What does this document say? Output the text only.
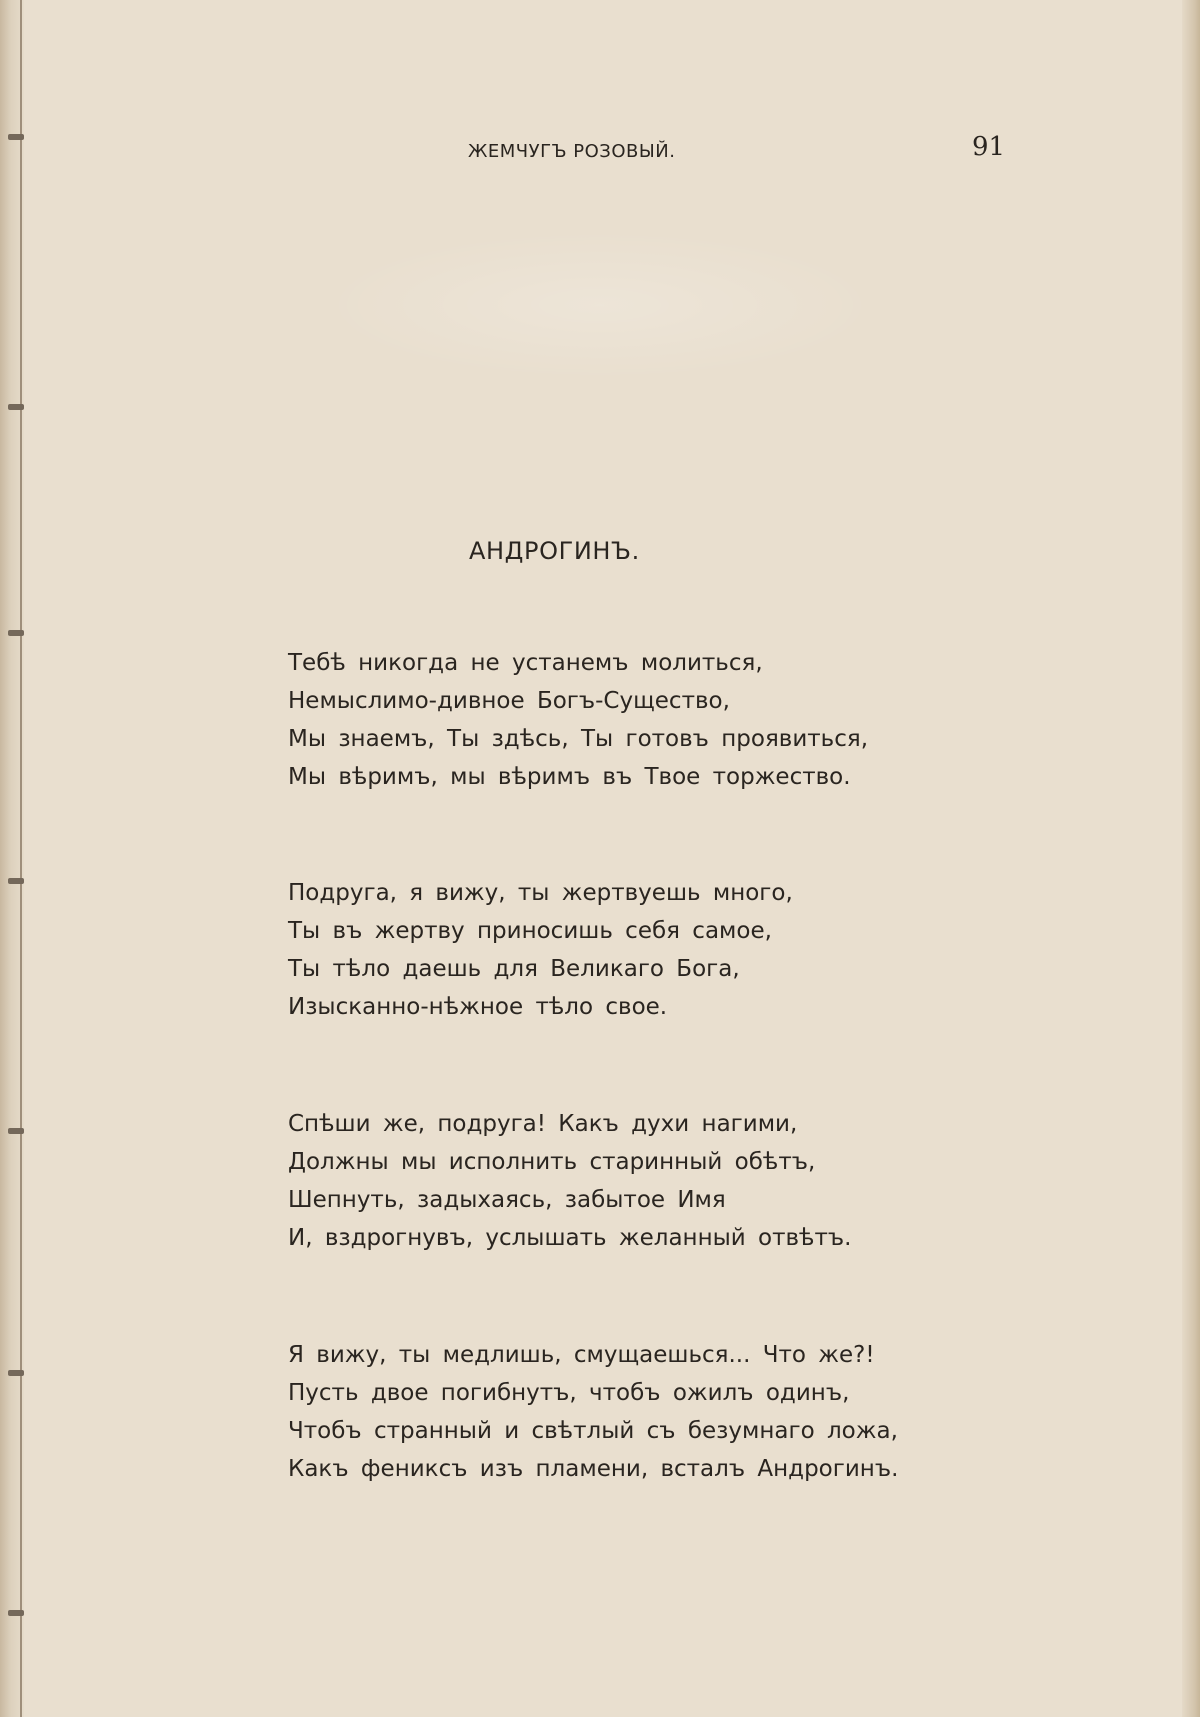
ЖЕМЧУГЪ РОЗОВЫЙ.	91
АНДРОГИНЪ.
Тебѣ никогда не устанемъ молиться,
Немыслимо-дивное Богъ-Существо,
Мы знаемъ, Ты здѣсь, Ты готовъ проявиться,
Мы вѣримъ, мы вѣримъ въ Твое торжество.
Подруга, я вижу, ты жертвуешь много,
Ты въ жертву приносишь себя самое,
Ты тѣло даешь для Великаго Бога,
Изысканно-нѣжное тѣло свое.
Спѣши же, подруга! Какъ духи нагими,
Должны мы исполнить старинный обѣтъ,
Шепнуть, задыхаясь, забытое Имя
И, вздрогнувъ, услышать желанный отвѣтъ.
Я вижу, ты медлишь, смущаешься... Что же?!
Пусть двое погибнутъ, чтобъ ожилъ одинъ,
Чтобъ странный и свѣтлый съ безумнаго ложа,
Какъ фениксъ изъ пламени, всталъ Андрогинъ.
